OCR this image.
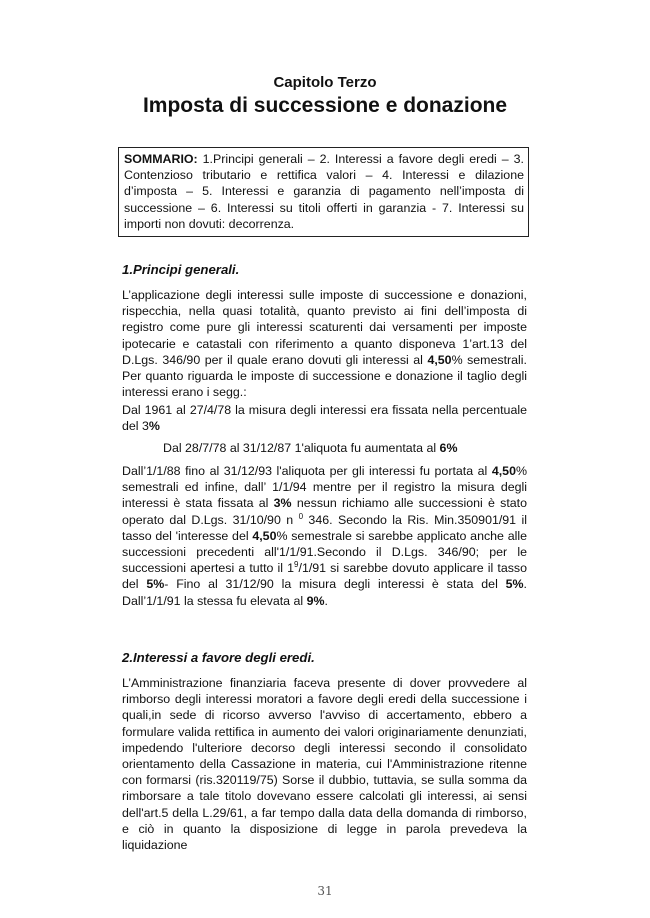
Capitolo Terzo
Imposta di successione e donazione
SOMMARIO: 1.Principi generali – 2. Interessi a favore degli eredi – 3. Contenzioso tributario e rettifica valori – 4. Interessi e dilazione d’imposta – 5. Interessi e garanzia di pagamento nell’imposta di successione – 6. Interessi su titoli offerti in garanzia - 7. Interessi su importi non dovuti: decorrenza.
1.Principi generali.

L’applicazione degli interessi sulle imposte di successione e donazioni, rispecchia, nella quasi totalità, quanto previsto ai fini dell’imposta di registro come pure gli interessi scaturenti dai versamenti per imposte ipotecarie e catastali con riferimento a quanto disponeva 1’art.13 del D.Lgs. 346/90 per il quale erano dovuti gli interessi al 4,50% semestrali. Per quanto riguarda le imposte di successione e donazione il taglio degli interessi erano i segg.:

Dal 1961 al 27/4/78 la misura degli interessi era fissata nella percentuale del 3%

Dal 28/7/78 al 31/12/87 1'aliquota fu aumentata al 6%

Dall’1/1/88 fino al 31/12/93 l'aliquota per gli interessi fu portata al 4,50% semestrali ed infine, dall’ 1/1/94 mentre per il registro la misura degli interessi è stata fissata al 3% nessun richiamo alle successioni è stato operato dal D.Lgs. 31/10/90 n $^0$ 346. Secondo la Ris. Min.350901/91 il tasso del 'interesse del 4,50% semestrale si sarebbe applicato anche alle successioni precedenti all'1/1/91.Secondo il D.Lgs. 346/90; per le successioni apertesi a tutto il $1^9/1/91$ si sarebbe dovuto applicare il tasso del 5%- Fino al 31/12/90 la misura degli interessi è stata del 5%. Dall’1/1/91 la stessa fu elevata al 9%.

2.Interessi a favore degli eredi.

L’Amministrazione finanziaria faceva presente di dover provvedere al rimborso degli interessi moratori a favore degli eredi della successione i quali,in sede di ricorso avverso l'avviso di accertamento, ebbero a formulare valida rettifica in aumento dei valori originariamente denunziati, impedendo l'ulteriore decorso degli interessi secondo il consolidato orientamento della Cassazione in materia, cui l'Amministrazione ritenne con formarsi (ris.320119/75) Sorse il dubbio, tuttavia, se sulla somma da rimborsare a tale titolo dovevano essere calcolati gli interessi, ai sensi dell'art.5 della L.29/61, a far tempo dalla data della domanda di rimborso, e ciò in quanto la disposizione di legge in parola prevedeva la liquidazione

31
